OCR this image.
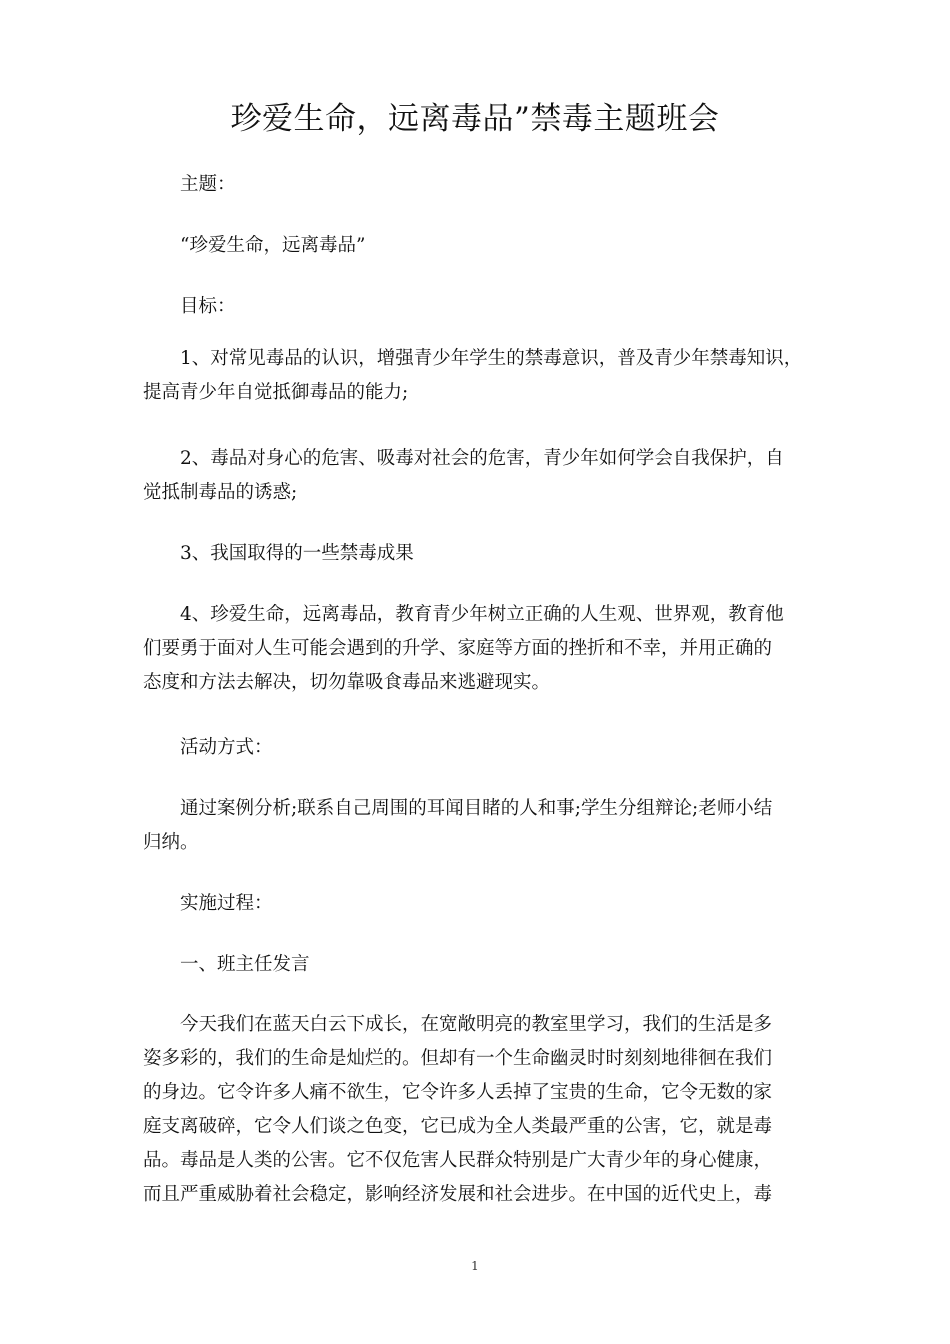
珍爱生命，远离毒品”禁毒主题班会
主题：
“珍爱生命，远离毒品”
目标：
1、对常见毒品的认识，增强青少年学生的禁毒意识，普及青少年禁毒知识，
提高青少年自觉抵御毒品的能力;
2、毒品对身心的危害、吸毒对社会的危害，青少年如何学会自我保护，自
觉抵制毒品的诱惑;
3、我国取得的一些禁毒成果
4、珍爱生命，远离毒品，教育青少年树立正确的人生观、世界观，教育他
们要勇于面对人生可能会遇到的升学、家庭等方面的挫折和不幸，并用正确的
态度和方法去解决，切勿靠吸食毒品来逃避现实。
活动方式：
通过案例分析;联系自己周围的耳闻目睹的人和事;学生分组辩论;老师小结
归纳。
实施过程：
一、班主任发言
今天我们在蓝天白云下成长，在宽敞明亮的教室里学习，我们的生活是多
姿多彩的，我们的生命是灿烂的。但却有一个生命幽灵时时刻刻地徘徊在我们
的身边。它令许多人痛不欲生，它令许多人丢掉了宝贵的生命，它令无数的家
庭支离破碎，它令人们谈之色变，它已成为全人类最严重的公害，它，就是毒
品。毒品是人类的公害。它不仅危害人民群众特别是广大青少年的身心健康，
而且严重威胁着社会稳定，影响经济发展和社会进步。在中国的近代史上，毒
1
